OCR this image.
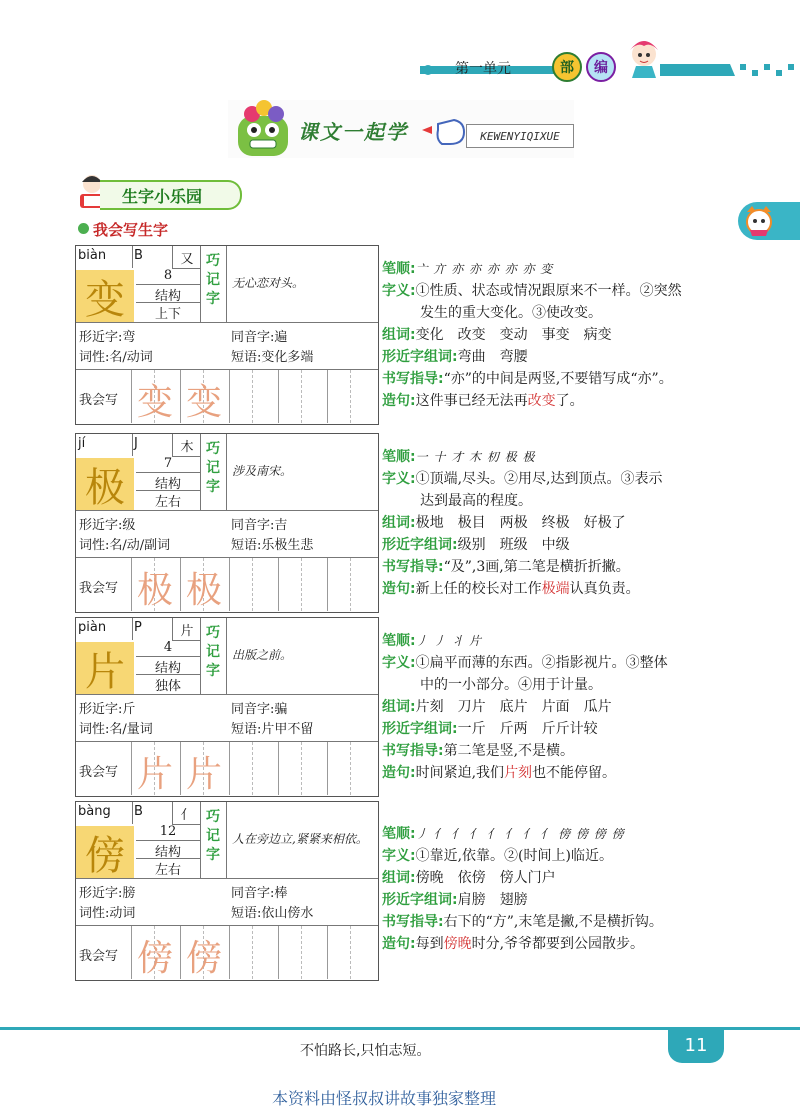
第一单元	部	编
课文一起学	KEWENYIQIXUE
生字小乐园
我会写生字
biàn B	又
变
8
结构
上下
巧记字
无心恋对头。
形近字:弯	同音字:遍
词性:名/动词	短语:变化多端
我会写 变 变
jí	J	木
极
7
结构
左右
巧记字
涉及南宋。
形近字:级	同音字:吉
词性:名/动/副词	短语:乐极生悲
我会写 极 极
piàn P	片
片
4
结构
独体
巧记字
出版之前。
形近字:斤	同音字:骗
词性:名/量词	短语:片甲不留
我会写 片 片
bàng B	亻
傍
12
结构
左右
巧记字
人在旁边立,紧紧来相依。
形近字:膀	同音字:棒
词性:动词	短语:依山傍水
我会写 傍 傍
笔顺:亠 亣 亦 亦 亦 亦 亦 变
字义:①性质、状态或情况跟原来不一样。②突然
发生的重大变化。③使改变。
组词:变化　改变　变动　事变　病变
形近字组词:弯曲　弯腰
书写指导:“亦”的中间是两竖,不要错写成“亦”。
造句:这件事已经无法再改变了。
笔顺:一 十 才 木 朷 极 极
字义:①顶端,尽头。②用尽,达到顶点。③表示
达到最高的程度。
组词:极地　极目　两极　终极　好极了
形近字组词:级别　班级　中级
书写指导:“及”,3画,第二笔是横折折撇。
造句:新上任的校长对工作极端认真负责。
笔顺:丿 丿 丬 片
字义:①扁平而薄的东西。②指影视片。③整体
中的一小部分。④用于计量。
组词:片刻　刀片　底片　片面　瓜片
形近字组词:一斤　斤两　斤斤计较
书写指导:第二笔是竖,不是横。
造句:时间紧迫,我们片刻也不能停留。
笔顺:丿 亻 亻 亻 亻 亻 亻 亻 傍 傍 傍 傍
字义:①靠近,依靠。②(时间上)临近。
组词:傍晚　依傍　傍人门户
形近字组词:肩膀　翅膀
书写指导:右下的“方”,末笔是撇,不是横折钩。
造句:每到傍晚时分,爷爷都要到公园散步。
不怕路长,只怕志短。	11
本资料由怪叔叔讲故事独家整理
